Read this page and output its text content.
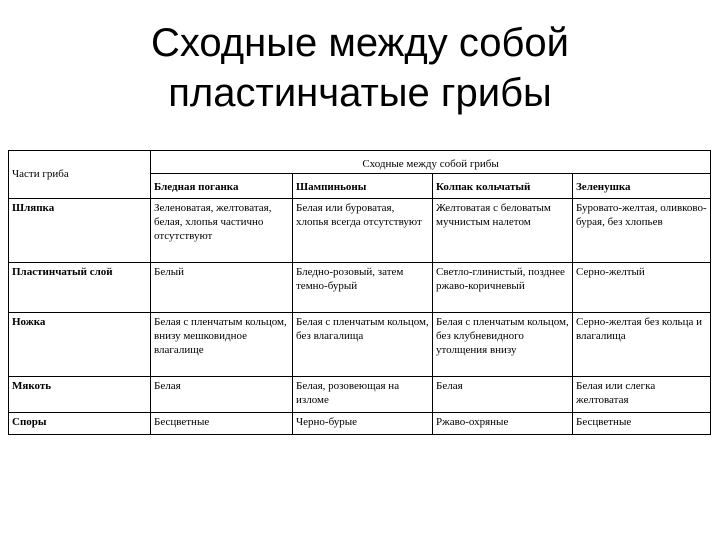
Сходные между собой
пластинчатые грибы
Части гриба	Сходные между собой грибы			
	Бледная поганка	Шампиньоны	Колпак кольчатый	Зеленушка
Шляпка	Зеленоватая, желтоватая, белая, хлопья частично отсутствуют	Белая или буроватая, хлопья всегда отсутствуют	Желтоватая с беловатым мучнистым налетом	Буровато-желтая, оливково-бурая, без хлопьев
Пластинчатый слой	Белый	Бледно-розовый, затем темно-бурый	Светло-глинистый, позднее ржаво-коричневый	Серно-желтый
Ножка	Белая с пленчатым кольцом, внизу мешковидное влагалище	Белая с пленчатым кольцом, без влагалища	Белая с пленчатым кольцом, без клубневидного утолщения внизу	Серно-желтая без кольца и влагалища
Мякоть	Белая	Белая, розовеющая на изломе	Белая	Белая или слегка желтоватая
Споры	Бесцветные	Черно-бурые	Ржаво-охряные	Бесцветные
